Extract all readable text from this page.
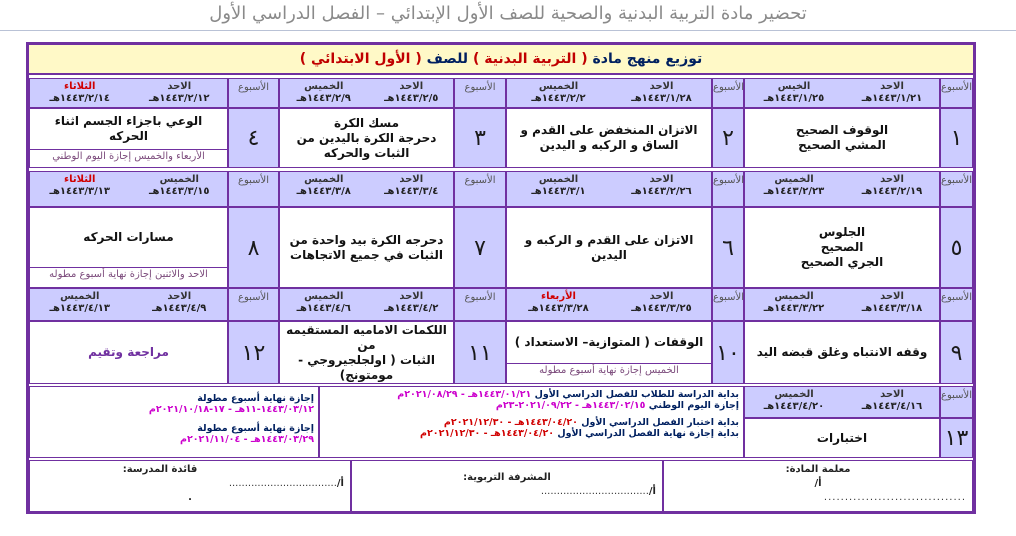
تحضير مادة التربية البدنية والصحية للصف الأول الإبتدائي – الفصل الدراسي الأول
توزيع منهج مادة ( التربية البدنية ) للصف ( الأول الابتدائي )
الأسبوع
الاحد
١٤٤٣/١/٢١هـ
الخيس
١٤٤٣/١/٢٥هـ
١
الوقوف الصحيح
المشي الصحيح
الأسبوع
الاحد
١٤٤٣/١/٢٨هـ
الخميس
١٤٤٣/٢/٢هـ
٢
الاتزان المنخفض على القدم و
الساق و الركبه و اليدين
الأسبوع
الاحد
١٤٤٣/٢/٥هـ
الخميس
١٤٤٣/٢/٩هـ
٣
مسك الكرة
دحرجة الكرة باليدين من
الثبات والحركه
الأسبوع
الاحد
١٤٤٣/٢/١٢هـ
الثلاثاء
١٤٤٣/٢/١٤هـ
٤
الوعي باجزاء الجسم اثناء الحركه
الأربعاء والخميس إجازة اليوم الوطني
الأسبوع
الاحد
١٤٤٣/٢/١٩هـ
الخميس
١٤٤٣/٢/٢٣هـ
٥
الجلوس
الصحيح
الجري الصحيح
الأسبوع
الاحد
١٤٤٣/٢/٢٦هـ
الخميس
١٤٤٣/٣/١هـ
٦
الاتزان على القدم و الركبه و
اليدين
الأسبوع
الاحد
١٤٤٣/٣/٤هـ
الخميس
١٤٤٣/٣/٨هـ
٧
دحرجه الكرة بيد واحدة من
الثبات في جميع الاتجاهات
الأسبوع
الخميس
١٤٤٣/٣/١٥هـ
الثلاثاء
١٤٤٣/٣/١٣هـ
٨
مسارات الحركه
الاحد والاثنين إجازة نهاية أسبوع مطوله
الأسبوع
الاحد
١٤٤٣/٣/١٨هـ
الخميس
١٤٤٣/٣/٢٢هـ
٩
وقفه الانتباه وغلق قبضه اليد
الأسبوع
الاحد
١٤٤٣/٣/٢٥هـ
الأربعاء
١٤٤٣/٣/٢٨هـ
١٠
الوقفات ( المتوازية– الاستعداد )
الخميس إجازة نهاية أسبوع مطوله
الأسبوع
الاحد
١٤٤٣/٤/٢هـ
الخميس
١٤٤٣/٤/٦هـ
١١
اللكمات الاماميه المستقيمه من
الثبات ( اولجلجيروجي -
مومتونج)
الأسبوع
الاحد
١٤٤٣/٤/٩هـ
الخميس
١٤٤٣/٤/١٣هـ
١٢
مراجعة وتقيم
الأسبوع
الاحد
١٤٤٣/٤/١٦هـ
الخميس
١٤٤٣/٤/٢٠هـ
١٣
اختبارات
إجازة نهاية أسبوع مطولة
١٤٤٣/٠٣/١٢-١١هـ - ١٧-٢٠٢١/١٠/١٨م
إجازة نهاية أسبوع مطولة
١٤٤٣/٠٣/٢٩هـ - ٢٠٢١/١١/٠٤م
بداية الدراسة للطلاب للفصل الدراسي الأول ١٤٤٣/٠١/٢١هـ - ٢٠٢١/٠٨/٢٩م
إجازة اليوم الوطني ١٤٤٣/٠٢/١٥هـ - ٢٠٢١/٠٩/٢٢-٢٣م
بداية اختبار الفصل الدراسي الأول ١٤٤٣/٠٤/٢٠هـ - ٢٠٢١/١٢/٣٠م
بداية إجازة نهاية الفصل الدراسي الأول ١٤٤٣/٠٤/٢٠هـ - ٢٠٢١/١٢/٣٠م
قائدة المدرسة:
أ/..................................
.
المشرفة التربوية:
أ/..................................
معلمة المادة:
أ/
..................................
